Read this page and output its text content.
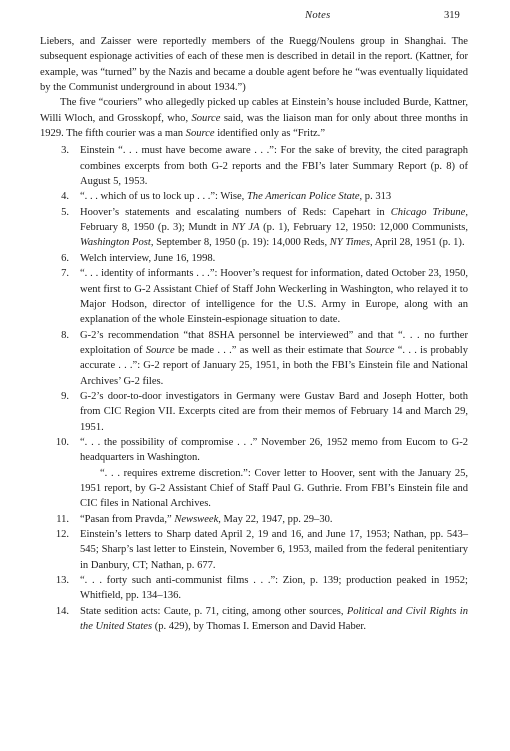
Notes	319

Liebers, and Zaisser were reportedly members of the Ruegg/Noulens group in Shanghai. The subsequent espionage activities of each of these men is described in detail in the report. (Kattner, for example, was “turned” by the Nazis and became a double agent before he “was eventually liquidated by the Communist underground in about 1934.”)

The five “couriers” who allegedly picked up cables at Einstein’s house included Burde, Kattner, Willi Wloch, and Grosskopf, who, Source said, was the liaison man for only about three months in 1929. The fifth courier was a man Source identified only as “Fritz.”

3. Einstein “. . . must have become aware . . .”: For the sake of brevity, the cited paragraph combines excerpts from both G-2 reports and the FBI’s later Summary Report (p. 8) of August 5, 1953.

4. “. . . which of us to lock up . . .”: Wise, The American Police State, p. 313

5. Hoover’s statements and escalating numbers of Reds: Capehart in Chicago Tribune, February 8, 1950 (p. 3); Mundt in NY JA (p. 1), February 12, 1950: 12,000 Communists, Washington Post, September 8, 1950 (p. 19): 14,000 Reds, NY Times, April 28, 1951 (p. 1).

6. Welch interview, June 16, 1998.

7. “. . . identity of informants . . .”: Hoover’s request for information, dated October 23, 1950, went first to G-2 Assistant Chief of Staff John Weckerling in Washington, who relayed it to Major Hodson, director of intelligence for the U.S. Army in Europe, along with an explanation of the whole Einstein-espionage situation to date.

8. G-2’s recommendation “that 8SHA personnel be interviewed” and that “. . . no further exploitation of Source be made . . .” as well as their estimate that Source “. . . is probably accurate . . .”: G-2 report of January 25, 1951, in both the FBI’s Einstein file and National Archives’ G-2 files.

9. G-2’s door-to-door investigators in Germany were Gustav Bard and Joseph Hotter, both from CIC Region VII. Excerpts cited are from their memos of February 14 and March 29, 1951.

10. “. . . the possibility of compromise . . .” November 26, 1952 memo from Eucom to G-2 headquarters in Washington.

“. . . requires extreme discretion.”: Cover letter to Hoover, sent with the January 25, 1951 report, by G-2 Assistant Chief of Staff Paul G. Guthrie. From FBI’s Einstein file and CIC files in National Archives.

11. “Pasan from Pravda,” Newsweek, May 22, 1947, pp. 29–30.

12. Einstein’s letters to Sharp dated April 2, 19 and 16, and June 17, 1953; Nathan, pp. 543–545; Sharp’s last letter to Einstein, November 6, 1953, mailed from the federal penitentiary in Danbury, CT; Nathan, p. 677.

13. “. . . forty such anti-communist films . . .”: Zion, p. 139; production peaked in 1952; Whitfield, pp. 134–136.

14. State sedition acts: Caute, p. 71, citing, among other sources, Political and Civil Rights in the United States (p. 429), by Thomas I. Emerson and David Haber.
